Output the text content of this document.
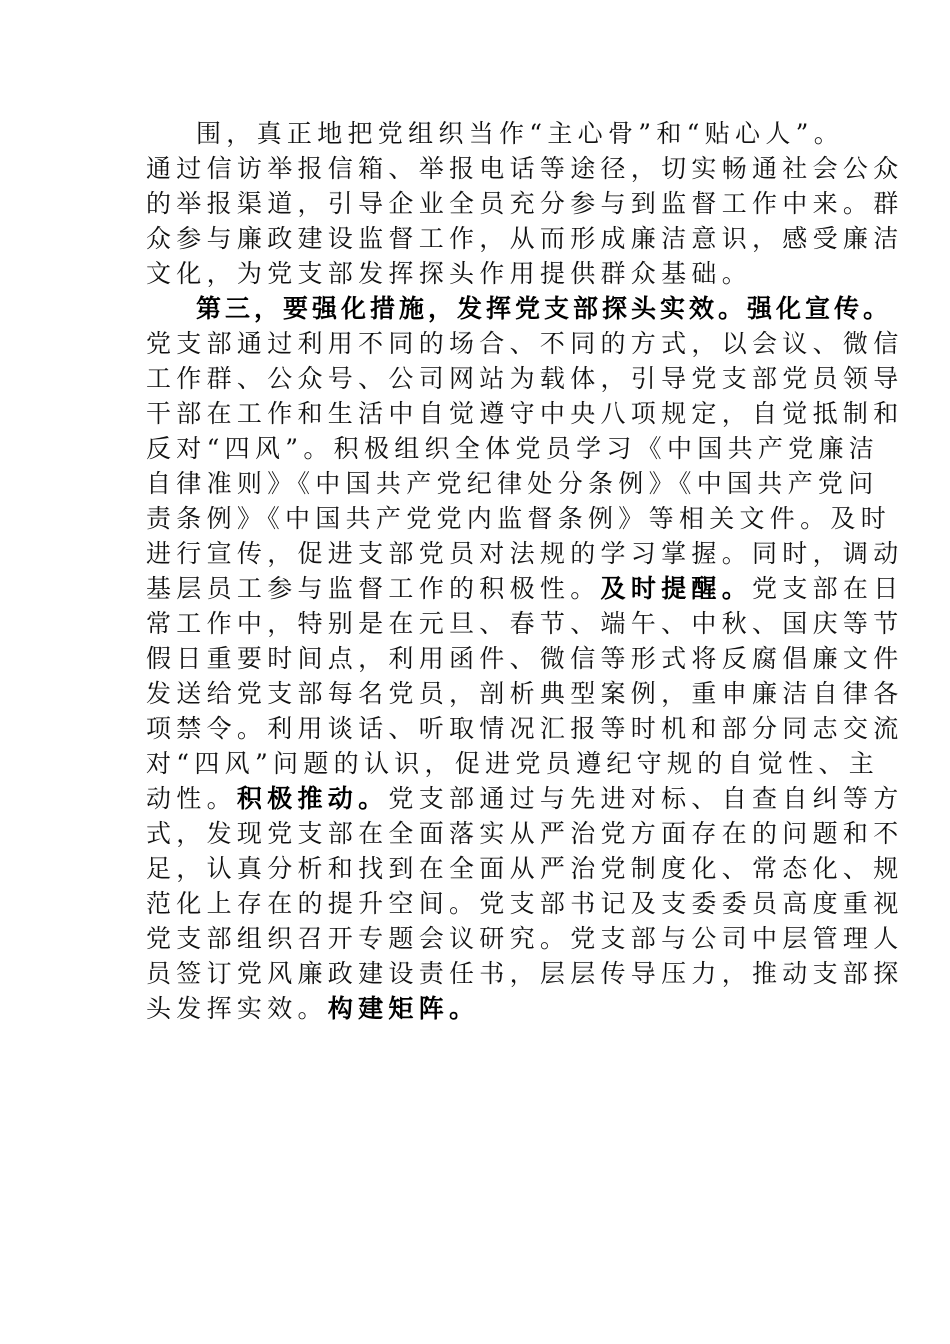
围，真正地把党组织当作“主心骨”和“贴心人”。

通过信访举报信箱、举报电话等途径，切实畅通社会公众

的举报渠道，引导企业全员充分参与到监督工作中来。群

众参与廉政建设监督工作，从而形成廉洁意识，感受廉洁

文化，为党支部发挥探头作用提供群众基础。

第三，要强化措施，发挥党支部探头实效。强化宣传。

党支部通过利用不同的场合、不同的方式，以会议、微信

工作群、公众号、公司网站为载体，引导党支部党员领导

干部在工作和生活中自觉遵守中央八项规定，自觉抵制和

反对“四风”。积极组织全体党员学习《中国共产党廉洁

自律准则》《中国共产党纪律处分条例》《中国共产党问

责条例》《中国共产党党内监督条例》等相关文件。及时

进行宣传，促进支部党员对法规的学习掌握。同时，调动

基层员工参与监督工作的积极性。及时提醒。党支部在日

常工作中，特别是在元旦、春节、端午、中秋、国庆等节

假日重要时间点，利用函件、微信等形式将反腐倡廉文件

发送给党支部每名党员，剖析典型案例，重申廉洁自律各

项禁令。利用谈话、听取情况汇报等时机和部分同志交流

对“四风”问题的认识，促进党员遵纪守规的自觉性、主

动性。积极推动。党支部通过与先进对标、自查自纠等方

式，发现党支部在全面落实从严治党方面存在的问题和不

足，认真分析和找到在全面从严治党制度化、常态化、规

范化上存在的提升空间。党支部书记及支委委员高度重视

党支部组织召开专题会议研究。党支部与公司中层管理人

员签订党风廉政建设责任书，层层传导压力，推动支部探

头发挥实效。构建矩阵。
